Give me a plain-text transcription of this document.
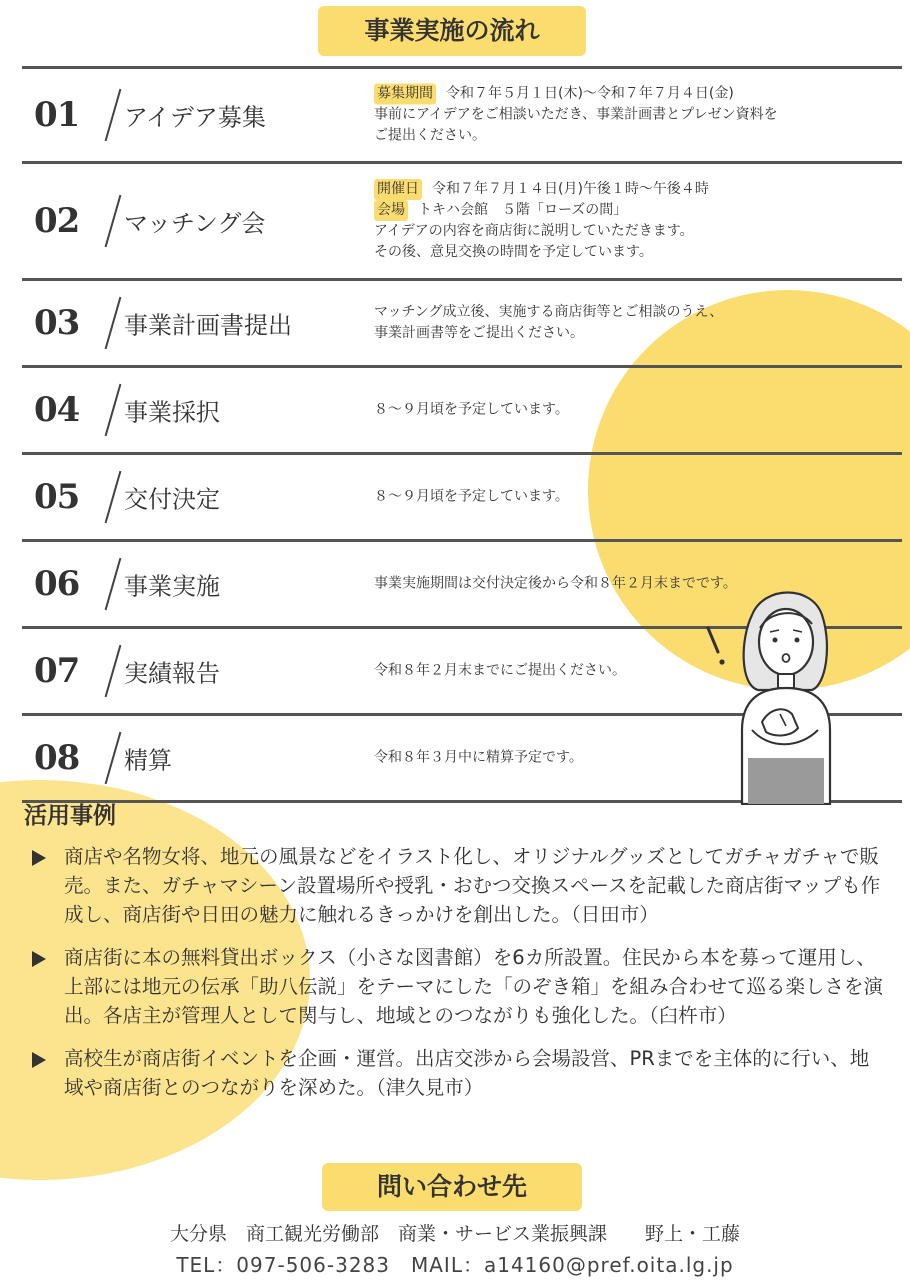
事業実施の流れ
01 アイデア募集
募集期間 令和７年５月１日(木)～令和７年７月４日(金)
事前にアイデアをご相談いただき、事業計画書とプレゼン資料を
ご提出ください。
02 マッチング会
開催日 令和７年７月１４日(月)午後１時～午後４時
会場 トキハ会館　５階「ローズの間」
アイデアの内容を商店街に説明していただきます。
その後、意見交換の時間を予定しています。
03 事業計画書提出	マッチング成立後、実施する商店街等とご相談のうえ、
事業計画書等をご提出ください。
04 事業採択	８～９月頃を予定しています。
05 交付決定	８～９月頃を予定しています。
06 事業実施	事業実施期間は交付決定後から令和８年２月末までです。
07 実績報告	令和８年２月末までにご提出ください。
08 精算	令和８年３月中に精算予定です。
活用事例

商店や名物女将、地元の風景などをイラスト化し、オリジナルグッズとしてガチャガチャで販売。また、ガチャマシーン設置場所や授乳・おむつ交換スペースを記載した商店街マップも作成し、商店街や日田の魅力に触れるきっかけを創出した。（日田市）

商店街に本の無料貸出ボックス（小さな図書館）を6カ所設置。住民から本を募って運用し、上部には地元の伝承「助八伝説」をテーマにした「のぞき箱」を組み合わせて巡る楽しさを演出。各店主が管理人として関与し、地域とのつながりも強化した。（臼杵市）

高校生が商店街イベントを企画・運営。出店交渉から会場設営、PRまでを主体的に行い、地域や商店街とのつながりを深めた。（津久見市）

問い合わせ先
大分県　商工観光労働部　商業・サービス業振興課　　野上・工藤
TEL：097-506-3283　MAIL：a14160@pref.oita.lg.jp
